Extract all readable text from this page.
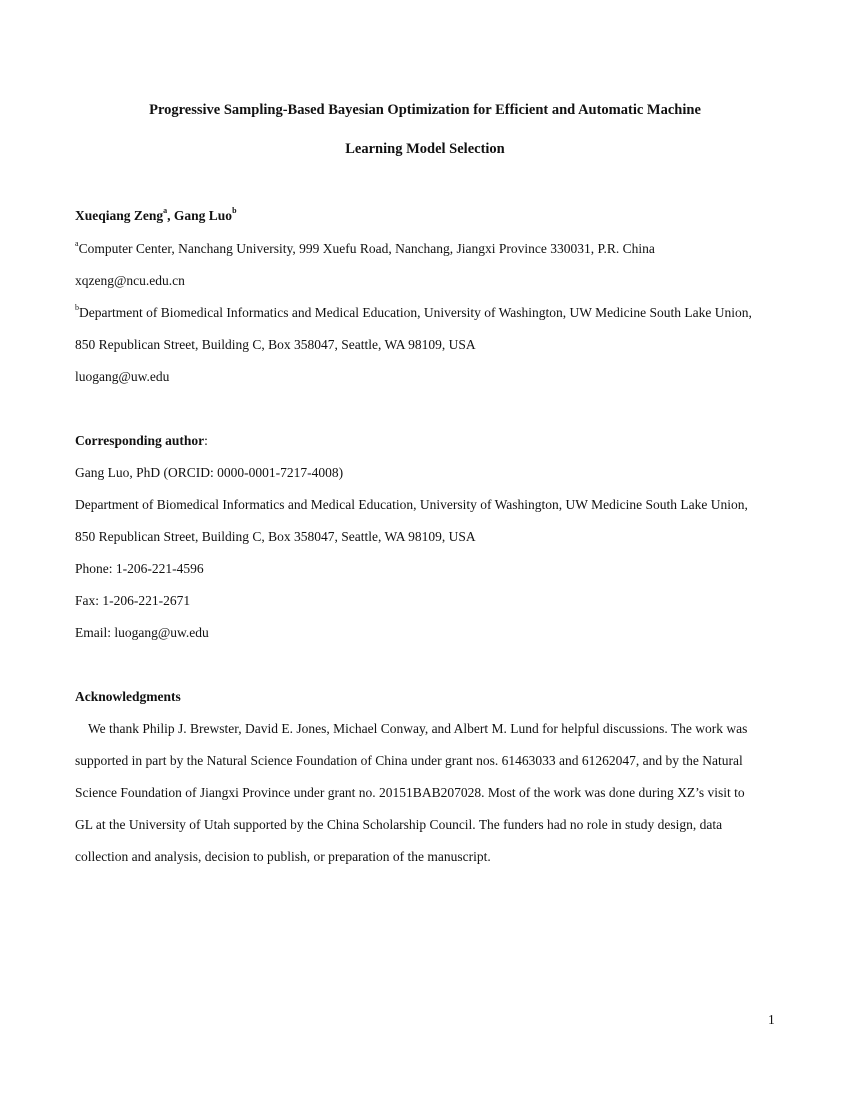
Progressive Sampling-Based Bayesian Optimization for Efficient and Automatic Machine
Learning Model Selection
Xueqiang Zeng$^a$, Gang Luo$^b$
$^a$Computer Center, Nanchang University, 999 Xuefu Road, Nanchang, Jiangxi Province 330031, P.R. China
xqzeng@ncu.edu.cn
$^b$Department of Biomedical Informatics and Medical Education, University of Washington, UW Medicine South Lake Union,
850 Republican Street, Building C, Box 358047, Seattle, WA 98109, USA
luogang@uw.edu
Corresponding author:
Gang Luo, PhD (ORCID: 0000-0001-7217-4008)
Department of Biomedical Informatics and Medical Education, University of Washington, UW Medicine South Lake Union,
850 Republican Street, Building C, Box 358047, Seattle, WA 98109, USA
Phone: 1-206-221-4596
Fax: 1-206-221-2671
Email: luogang@uw.edu
Acknowledgments
We thank Philip J. Brewster, David E. Jones, Michael Conway, and Albert M. Lund for helpful discussions. The work was
supported in part by the Natural Science Foundation of China under grant nos. 61463033 and 61262047, and by the Natural
Science Foundation of Jiangxi Province under grant no. 20151BAB207028. Most of the work was done during XZ’s visit to
GL at the University of Utah supported by the China Scholarship Council. The funders had no role in study design, data
collection and analysis, decision to publish, or preparation of the manuscript.
1
